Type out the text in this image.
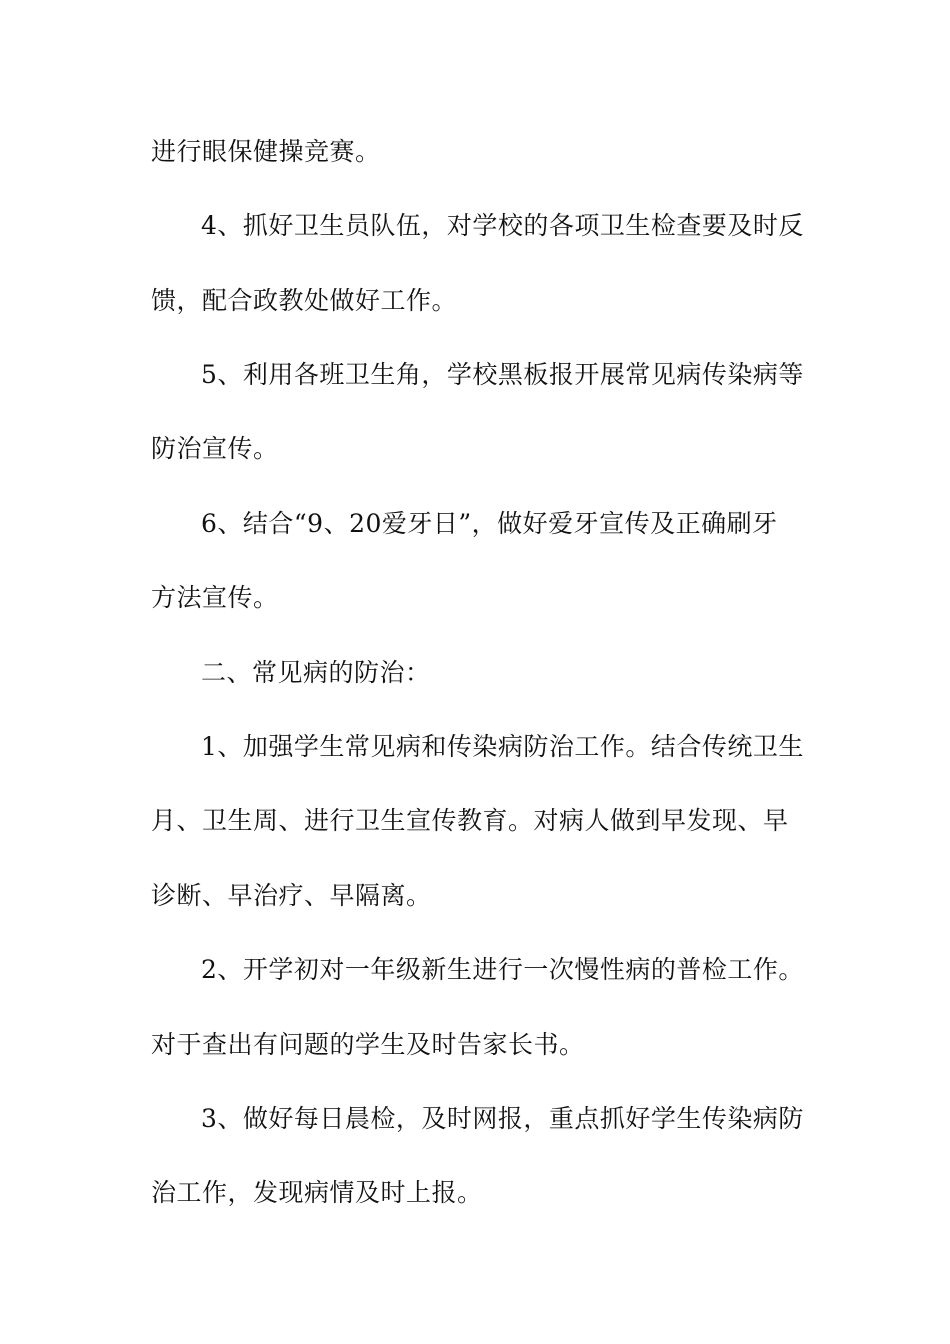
进行眼保健操竞赛。
4、抓好卫生员队伍，对学校的各项卫生检查要及时反
馈，配合政教处做好工作。
5、利用各班卫生角，学校黑板报开展常见病传染病等
防治宣传。
6、结合“9、20爱牙日”，做好爱牙宣传及正确刷牙
方法宣传。
二、常见病的防治：
1、加强学生常见病和传染病防治工作。结合传统卫生
月、卫生周、进行卫生宣传教育。对病人做到早发现、早
诊断、早治疗、早隔离。
2、开学初对一年级新生进行一次慢性病的普检工作。
对于查出有问题的学生及时告家长书。
3、做好每日晨检，及时网报，重点抓好学生传染病防
治工作，发现病情及时上报。
